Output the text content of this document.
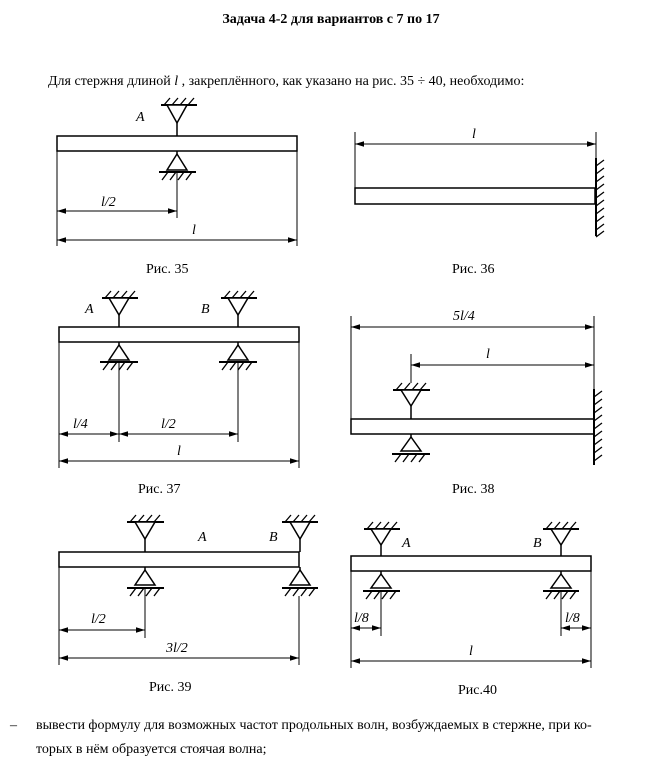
Задача 4-2 для вариантов с 7 по 17
Для стержня длиной l , закреплённого, как указано на рис. 35 ÷ 40, необходимо:
A
l/2
l
Рис. 35
l
Рис. 36
A	B
l/4	l/2
l
Рис. 37
5l/4
l
Рис. 38
A	B
l/2
3l/2
Рис. 39
A	B
l/8	l/8
l
Рис.40
– вывести формулу для возможных частот продольных волн, возбуждаемых в стержне, при ко-
торых в нём образуется стоячая волна;
